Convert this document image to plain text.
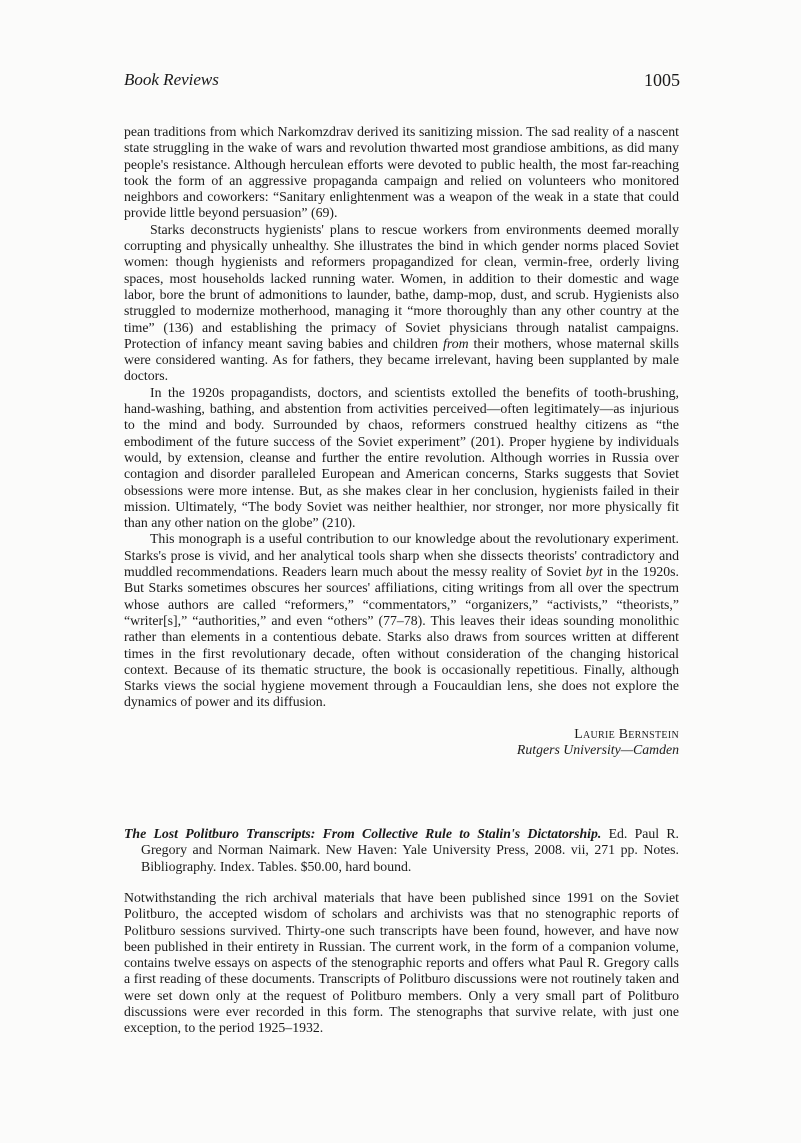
Book Reviews	1005

pean traditions from which Narkomzdrav derived its sanitizing mission. The sad reality of a nascent state struggling in the wake of wars and revolution thwarted most grandiose ambitions, as did many people's resistance. Although herculean efforts were devoted to public health, the most far-reaching took the form of an aggressive propaganda campaign and relied on volunteers who monitored neighbors and coworkers: “Sanitary enlightenment was a weapon of the weak in a state that could provide little beyond persuasion” (69).

Starks deconstructs hygienists' plans to rescue workers from environments deemed morally corrupting and physically unhealthy. She illustrates the bind in which gender norms placed Soviet women: though hygienists and reformers propagandized for clean, vermin-free, orderly living spaces, most households lacked running water. Women, in addition to their domestic and wage labor, bore the brunt of admonitions to launder, bathe, damp-mop, dust, and scrub. Hygienists also struggled to modernize motherhood, managing it “more thoroughly than any other country at the time” (136) and establishing the primacy of Soviet physicians through natalist campaigns. Protection of infancy meant saving babies and children from their mothers, whose maternal skills were considered wanting. As for fathers, they became irrelevant, having been supplanted by male doctors.

In the 1920s propagandists, doctors, and scientists extolled the benefits of tooth-brushing, hand-washing, bathing, and abstention from activities perceived—often legitimately—as injurious to the mind and body. Surrounded by chaos, reformers construed healthy citizens as “the embodiment of the future success of the Soviet experiment” (201). Proper hygiene by individuals would, by extension, cleanse and further the entire revolution. Although worries in Russia over contagion and disorder paralleled European and American concerns, Starks suggests that Soviet obsessions were more intense. But, as she makes clear in her conclusion, hygienists failed in their mission. Ultimately, “The body Soviet was neither healthier, nor stronger, nor more physically fit than any other nation on the globe” (210).

This monograph is a useful contribution to our knowledge about the revolutionary experiment. Starks's prose is vivid, and her analytical tools sharp when she dissects theorists' contradictory and muddled recommendations. Readers learn much about the messy reality of Soviet byt in the 1920s. But Starks sometimes obscures her sources' affiliations, citing writings from all over the spectrum whose authors are called “reformers,” “commentators,” “organizers,” “activists,” “theorists,” “writer[s],” “authorities,” and even “others” (77–78). This leaves their ideas sounding monolithic rather than elements in a contentious debate. Starks also draws from sources written at different times in the first revolutionary decade, often without consideration of the changing historical context. Because of its thematic structure, the book is occasionally repetitious. Finally, although Starks views the social hygiene movement through a Foucauldian lens, she does not explore the dynamics of power and its diffusion.

Laurie Bernstein
Rutgers University—Camden
The Lost Politburo Transcripts: From Collective Rule to Stalin's Dictatorship. Ed. Paul R. Gregory and Norman Naimark. New Haven: Yale University Press, 2008. vii, 271 pp. Notes. Bibliography. Index. Tables. $50.00, hard bound.

Notwithstanding the rich archival materials that have been published since 1991 on the Soviet Politburo, the accepted wisdom of scholars and archivists was that no stenographic reports of Politburo sessions survived. Thirty-one such transcripts have been found, however, and have now been published in their entirety in Russian. The current work, in the form of a companion volume, contains twelve essays on aspects of the stenographic reports and offers what Paul R. Gregory calls a first reading of these documents. Transcripts of Politburo discussions were not routinely taken and were set down only at the request of Politburo members. Only a very small part of Politburo discussions were ever recorded in this form. The stenographs that survive relate, with just one exception, to the period 1925–1932.
